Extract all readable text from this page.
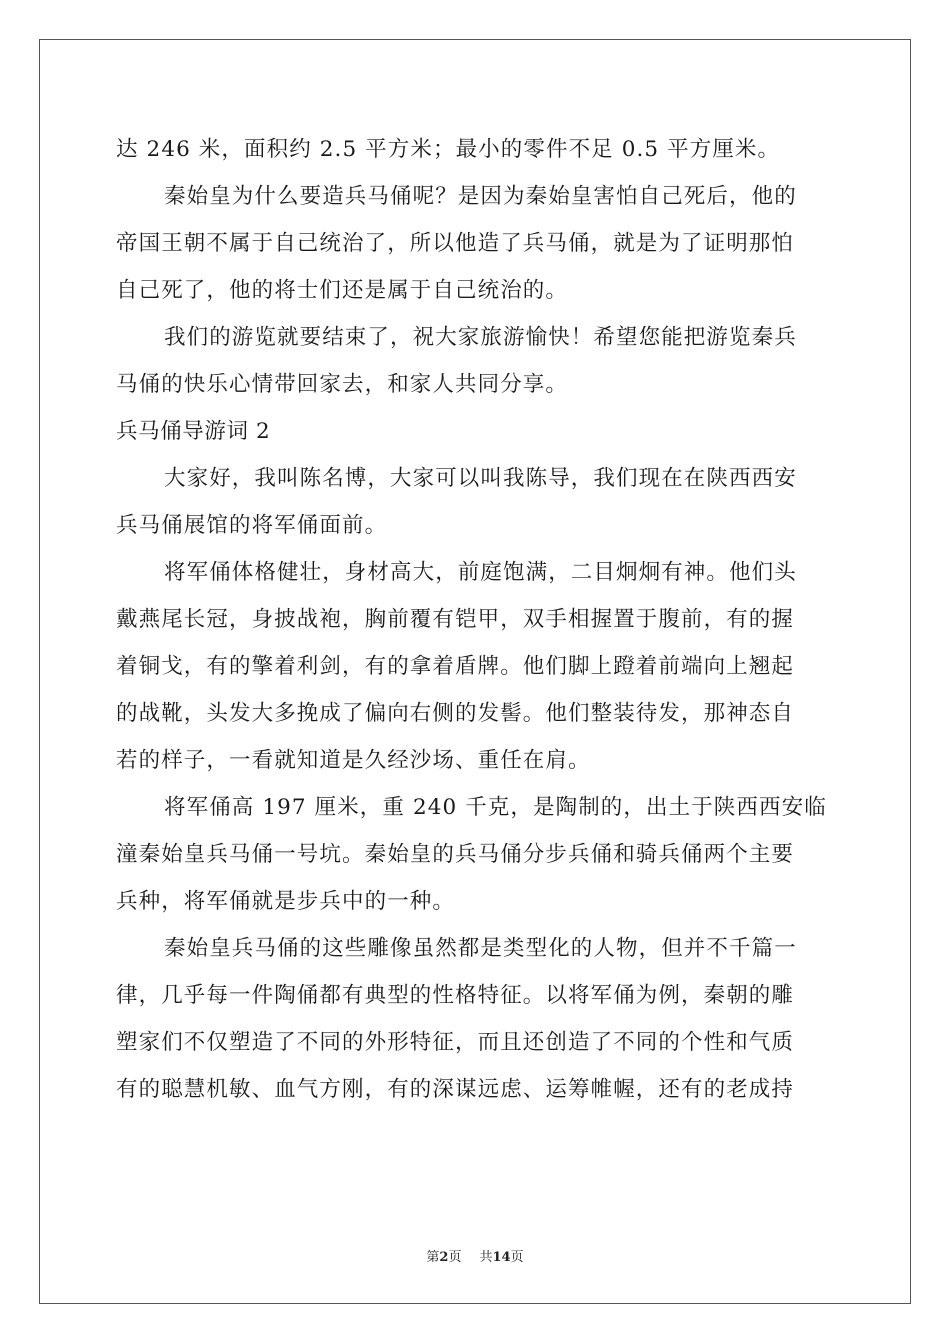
达 246 米，面积约 2.5 平方米；最小的零件不足 0.5 平方厘米。
秦始皇为什么要造兵马俑呢？是因为秦始皇害怕自己死后，他的
帝国王朝不属于自己统治了，所以他造了兵马俑，就是为了证明那怕
自己死了，他的将士们还是属于自己统治的。
我们的游览就要结束了，祝大家旅游愉快！希望您能把游览秦兵
马俑的快乐心情带回家去，和家人共同分享。
兵马俑导游词 2
大家好，我叫陈名博，大家可以叫我陈导，我们现在在陕西西安
兵马俑展馆的将军俑面前。
将军俑体格健壮，身材高大，前庭饱满，二目炯炯有神。他们头
戴燕尾长冠，身披战袍，胸前覆有铠甲，双手相握置于腹前，有的握
着铜戈，有的擎着利剑，有的拿着盾牌。他们脚上蹬着前端向上翘起
的战靴，头发大多挽成了偏向右侧的发髻。他们整装待发，那神态自
若的样子，一看就知道是久经沙场、重任在肩。
将军俑高 197 厘米，重 240 千克，是陶制的，出土于陕西西安临
潼秦始皇兵马俑一号坑。秦始皇的兵马俑分步兵俑和骑兵俑两个主要
兵种，将军俑就是步兵中的一种。
秦始皇兵马俑的这些雕像虽然都是类型化的人物，但并不千篇一
律，几乎每一件陶俑都有典型的性格特征。以将军俑为例，秦朝的雕
塑家们不仅塑造了不同的外形特征，而且还创造了不同的个性和气质
有的聪慧机敏、血气方刚，有的深谋远虑、运筹帷幄，还有的老成持
第2页 共14页
